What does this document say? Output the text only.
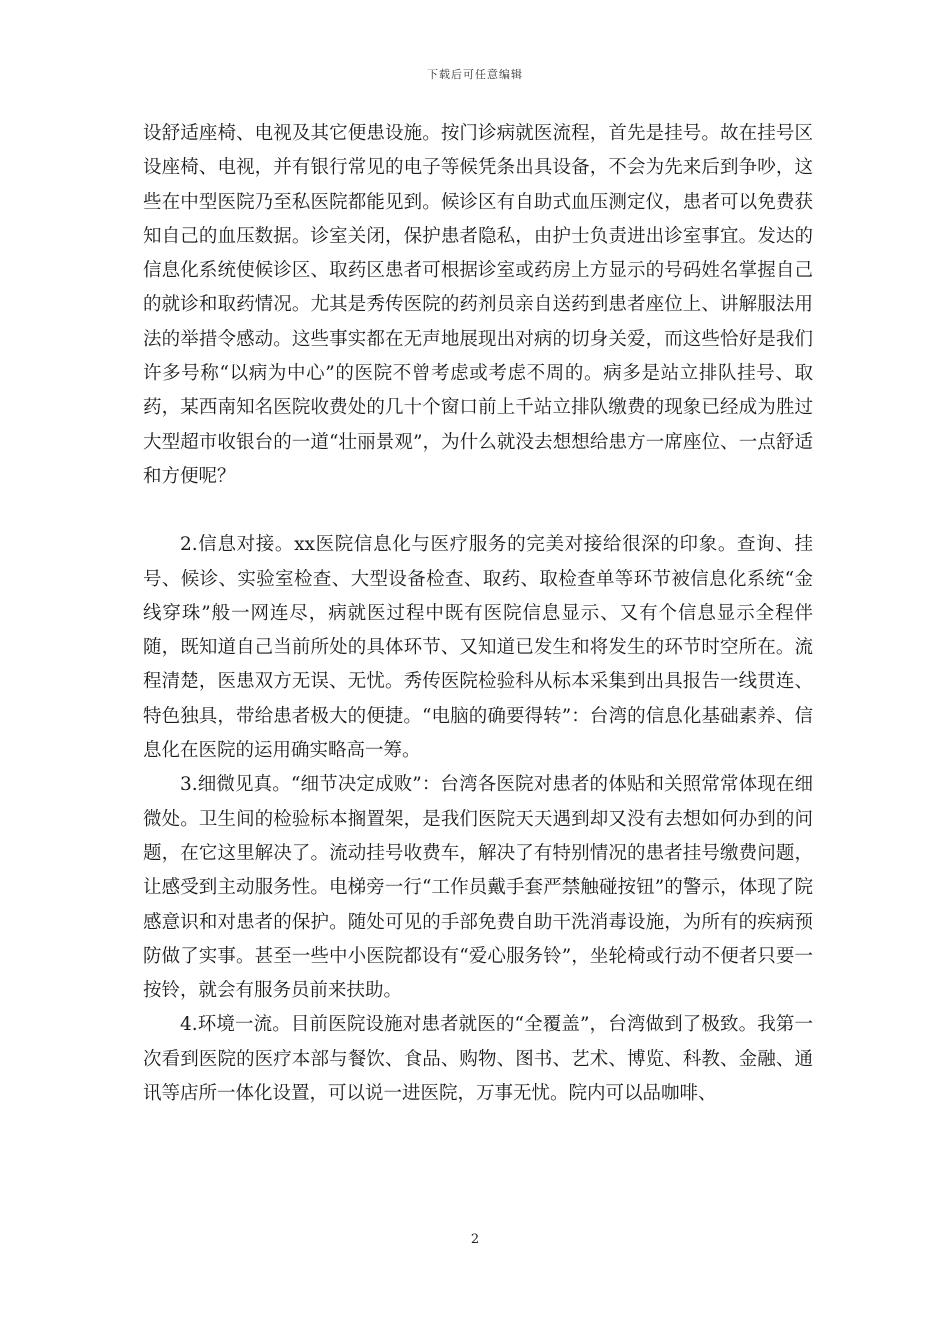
下载后可任意编辑

设舒适座椅、电视及其它便患设施。按门诊病就医流程，首先是挂号。故在挂号区设座椅、电视，并有银行常见的电子等候凭条出具设备，不会为先来后到争吵，这些在中型医院乃至私医院都能见到。候诊区有自助式血压测定仪，患者可以免费获知自己的血压数据。诊室关闭，保护患者隐私，由护士负责进出诊室事宜。发达的信息化系统使候诊区、取药区患者可根据诊室或药房上方显示的号码姓名掌握自己的就诊和取药情况。尤其是秀传医院的药剂员亲自送药到患者座位上、讲解服法用法的举措令感动。这些事实都在无声地展现出对病的切身关爱，而这些恰好是我们许多号称“以病为中心”的医院不曾考虑或考虑不周的。病多是站立排队挂号、取药，某西南知名医院收费处的几十个窗口前上千站立排队缴费的现象已经成为胜过大型超市收银台的一道“壮丽景观”，为什么就没去想想给患方一席座位、一点舒适和方便呢？

2.信息对接。xx医院信息化与医疗服务的完美对接给很深的印象。查询、挂号、候诊、实验室检查、大型设备检查、取药、取检查单等环节被信息化系统“金线穿珠”般一网连尽，病就医过程中既有医院信息显示、又有个信息显示全程伴随，既知道自己当前所处的具体环节、又知道已发生和将发生的环节时空所在。流程清楚，医患双方无误、无忧。秀传医院检验科从标本采集到出具报告一线贯连、特色独具，带给患者极大的便捷。“电脑的确要得转”：台湾的信息化基础素养、信息化在医院的运用确实略高一筹。

3.细微见真。“细节决定成败”：台湾各医院对患者的体贴和关照常常体现在细微处。卫生间的检验标本搁置架，是我们医院天天遇到却又没有去想如何办到的问题，在它这里解决了。流动挂号收费车，解决了有特别情况的患者挂号缴费问题，让感受到主动服务性。电梯旁一行“工作员戴手套严禁触碰按钮”的警示，体现了院感意识和对患者的保护。随处可见的手部免费自助干洗消毒设施，为所有的疾病预防做了实事。甚至一些中小医院都设有“爱心服务铃”，坐轮椅或行动不便者只要一按铃，就会有服务员前来扶助。

4.环境一流。目前医院设施对患者就医的“全覆盖”，台湾做到了极致。我第一次看到医院的医疗本部与餐饮、食品、购物、图书、艺术、博览、科教、金融、通讯等店所一体化设置，可以说一进医院，万事无忧。院内可以品咖啡、

2
